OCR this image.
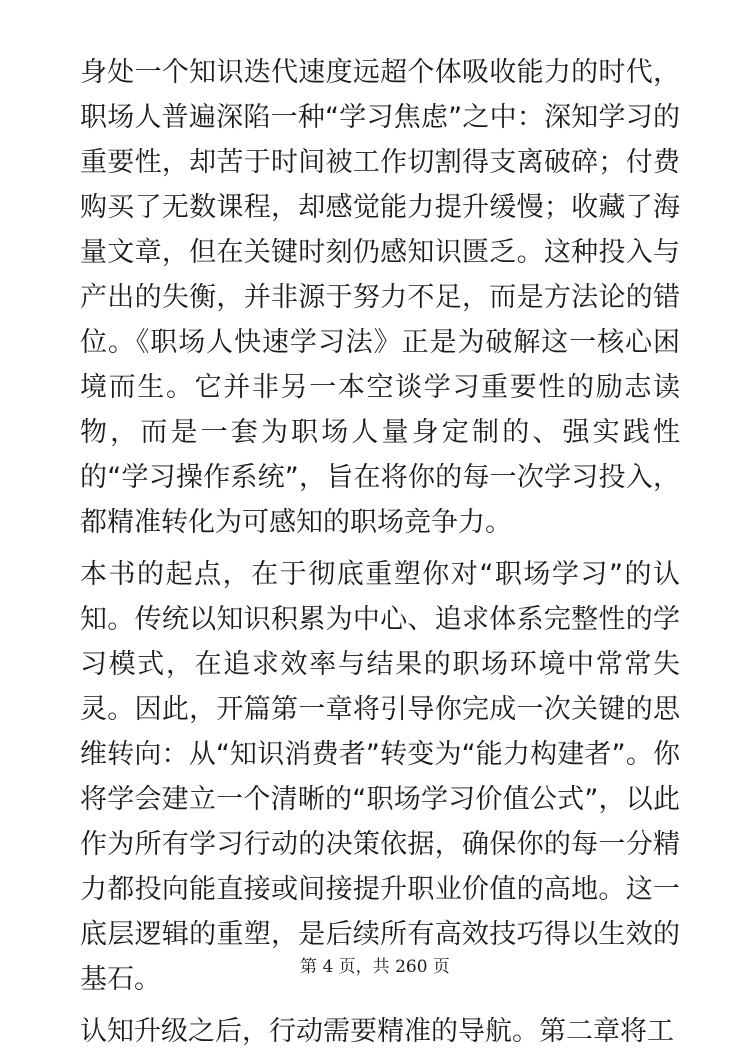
身处一个知识迭代速度远超个体吸收能力的时代，职场人普遍深陷一种“学习焦虑”之中：深知学习的重要性，却苦于时间被工作切割得支离破碎；付费购买了无数课程，却感觉能力提升缓慢；收藏了海量文章，但在关键时刻仍感知识匮乏。这种投入与产出的失衡，并非源于努力不足，而是方法论的错位。《职场人快速学习法》正是为破解这一核心困境而生。它并非另一本空谈学习重要性的励志读物，而是一套为职场人量身定制的、强实践性的“学习操作系统”，旨在将你的每一次学习投入，都精准转化为可感知的职场竞争力。

本书的起点，在于彻底重塑你对“职场学习”的认知。传统以知识积累为中心、追求体系完整性的学习模式，在追求效率与结果的职场环境中常常失灵。因此，开篇第一章将引导你完成一次关键的思维转向：从“知识消费者”转变为“能力构建者”。你将学会建立一个清晰的“职场学习价值公式”，以此作为所有学习行动的决策依据，确保你的每一分精力都投向能直接或间接提升职业价值的高地。这一底层逻辑的重塑，是后续所有高效技巧得以生效的基石。

认知升级之后，行动需要精准的导航。第二章将工

第 4 页，共 260 页
